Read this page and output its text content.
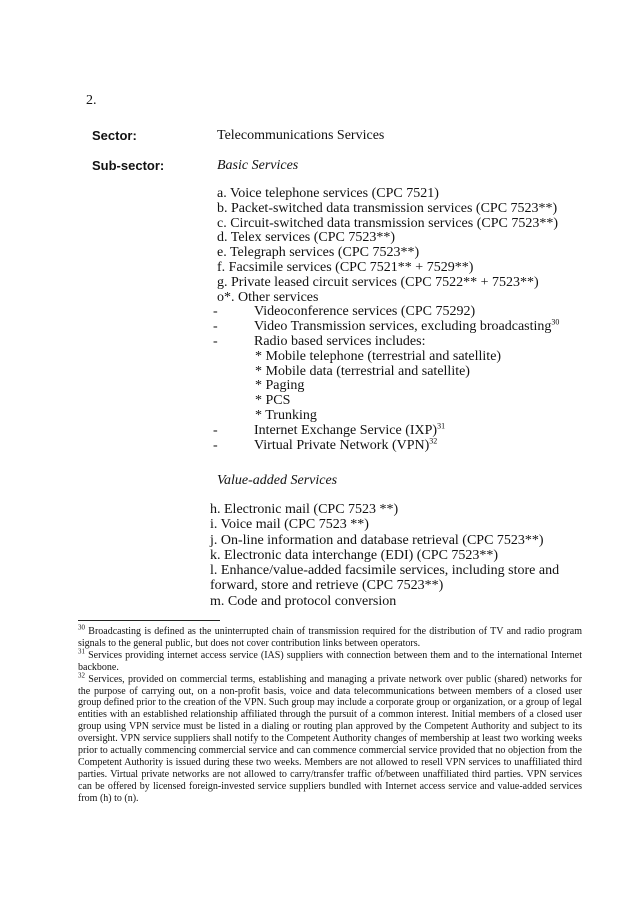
2.
Sector:	Telecommunications Services
Sub-sector:	Basic Services
a. Voice telephone services (CPC 7521)
b. Packet-switched data transmission services (CPC 7523**)
c. Circuit-switched data transmission services (CPC 7523**)
d. Telex services (CPC 7523**)
e. Telegraph services (CPC 7523**)
f. Facsimile services (CPC 7521** + 7529**)
g. Private leased circuit services (CPC 7522** + 7523**)
o*. Other services
-	Videoconference services (CPC 75292)
-	Video Transmission services, excluding broadcasting$^{30}$
-	Radio based services includes:
* Mobile telephone (terrestrial and satellite)
* Mobile data (terrestrial and satellite)
* Paging
* PCS
* Trunking
-	Internet Exchange Service (IXP)$^{31}$
-	Virtual Private Network (VPN)$^{32}$
Value-added Services
h. Electronic mail (CPC 7523 **)
i. Voice mail (CPC 7523 **)
j. On-line information and database retrieval (CPC 7523**)
k. Electronic data interchange (EDI) (CPC 7523**)
l. Enhance/value-added facsimile services, including store and
forward, store and retrieve (CPC 7523**)
m. Code and protocol conversion

$^{30}$ Broadcasting is defined as the uninterrupted chain of transmission required for the distribution of TV and radio program signals to the general public, but does not cover contribution links between operators.

$^{31}$ Services providing internet access service (IAS) suppliers with connection between them and to the international Internet backbone.

$^{32}$ Services, provided on commercial terms, establishing and managing a private network over public (shared) networks for the purpose of carrying out, on a non-profit basis, voice and data telecommunications between members of a closed user group defined prior to the creation of the VPN. Such group may include a corporate group or organization, or a group of legal entities with an established relationship affiliated through the pursuit of a common interest. Initial members of a closed user group using VPN service must be listed in a dialing or routing plan approved by the Competent Authority and subject to its oversight. VPN service suppliers shall notify to the Competent Authority changes of membership at least two working weeks prior to actually commencing commercial service and can commence commercial service provided that no objection from the Competent Authority is issued during these two weeks. Members are not allowed to resell VPN services to unaffiliated third parties. Virtual private networks are not allowed to carry/transfer traffic of/between unaffiliated third parties. VPN services can be offered by licensed foreign-invested service suppliers bundled with Internet access service and value-added services from (h) to (n).
